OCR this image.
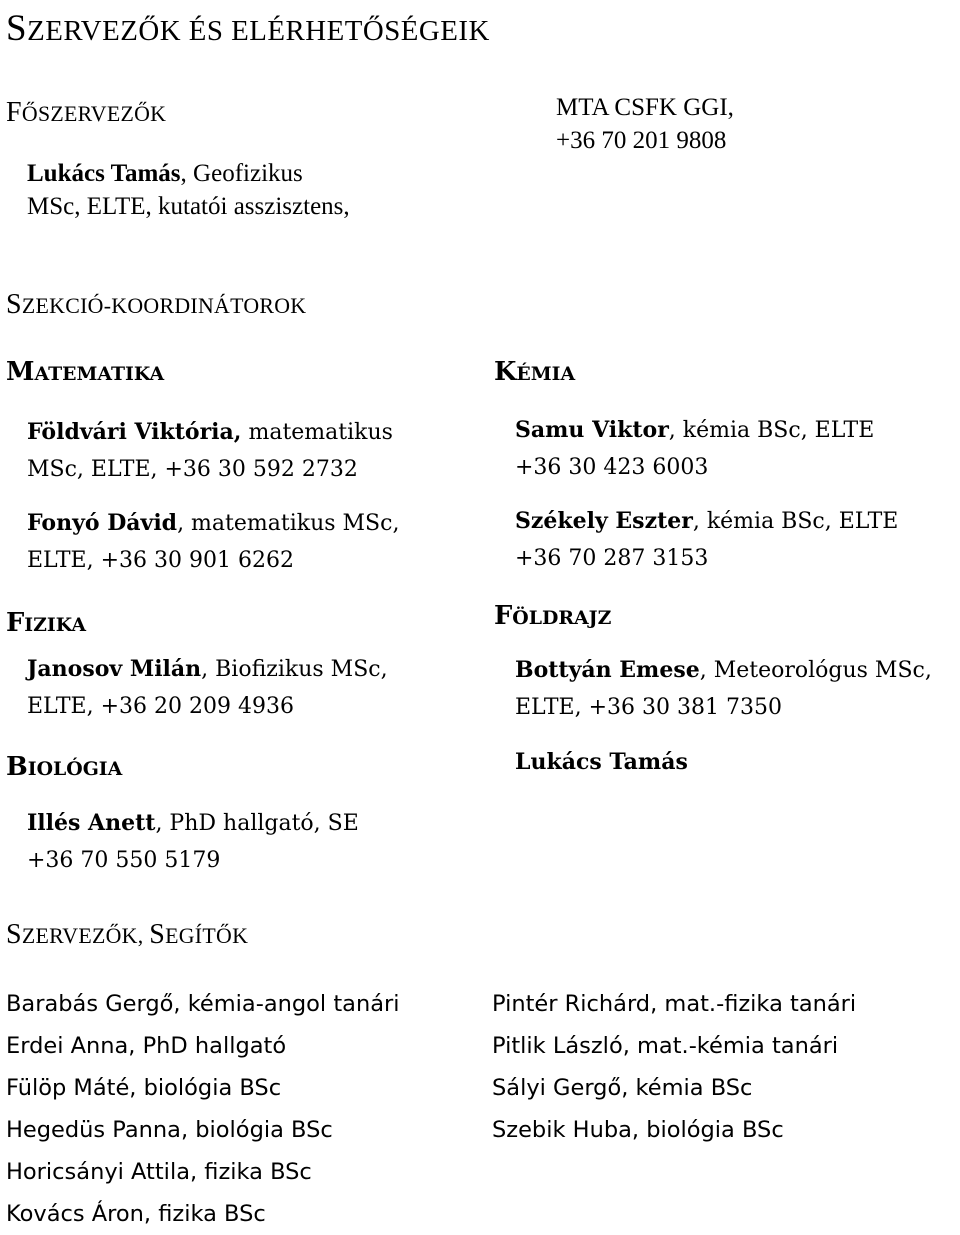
SZERVEZŐK ÉS ELÉRHETŐSÉGEIK
FŐSZERVEZŐK
Lukács Tamás, Geofizikus
MSc, ELTE, kutatói asszisztens,
MTA CSFK GGI,
+36 70 201 9808
SZEKCIÓ-KOORDINÁTOROK
MATEMATIKA
Földvári Viktória, matematikus
MSc, ELTE, +36 30 592 2732
Fonyó Dávid, matematikus MSc,
ELTE, +36 30 901 6262
FIZIKA
Janosov Milán, Biofizikus MSc,
ELTE, +36 20 209 4936
BIOLÓGIA
Illés Anett, PhD hallgató, SE
+36 70 550 5179
KÉMIA
Samu Viktor, kémia BSc, ELTE
+36 30 423 6003
Székely Eszter, kémia BSc, ELTE
+36 70 287 3153
FÖLDRAJZ
Bottyán Emese, Meteorológus MSc,
ELTE, +36 30 381 7350
Lukács Tamás
SZERVEZŐK, SEGÍTŐK
Barabás Gergő, kémia-angol tanári
Erdei Anna, PhD hallgató
Fülöp Máté, biológia BSc
Hegedüs Panna, biológia BSc
Horicsányi Attila, fizika BSc
Kovács Áron, fizika BSc
Pintér Richárd, mat.-fizika tanári
Pitlik László, mat.-kémia tanári
Sályi Gergő, kémia BSc
Szebik Huba, biológia BSc
